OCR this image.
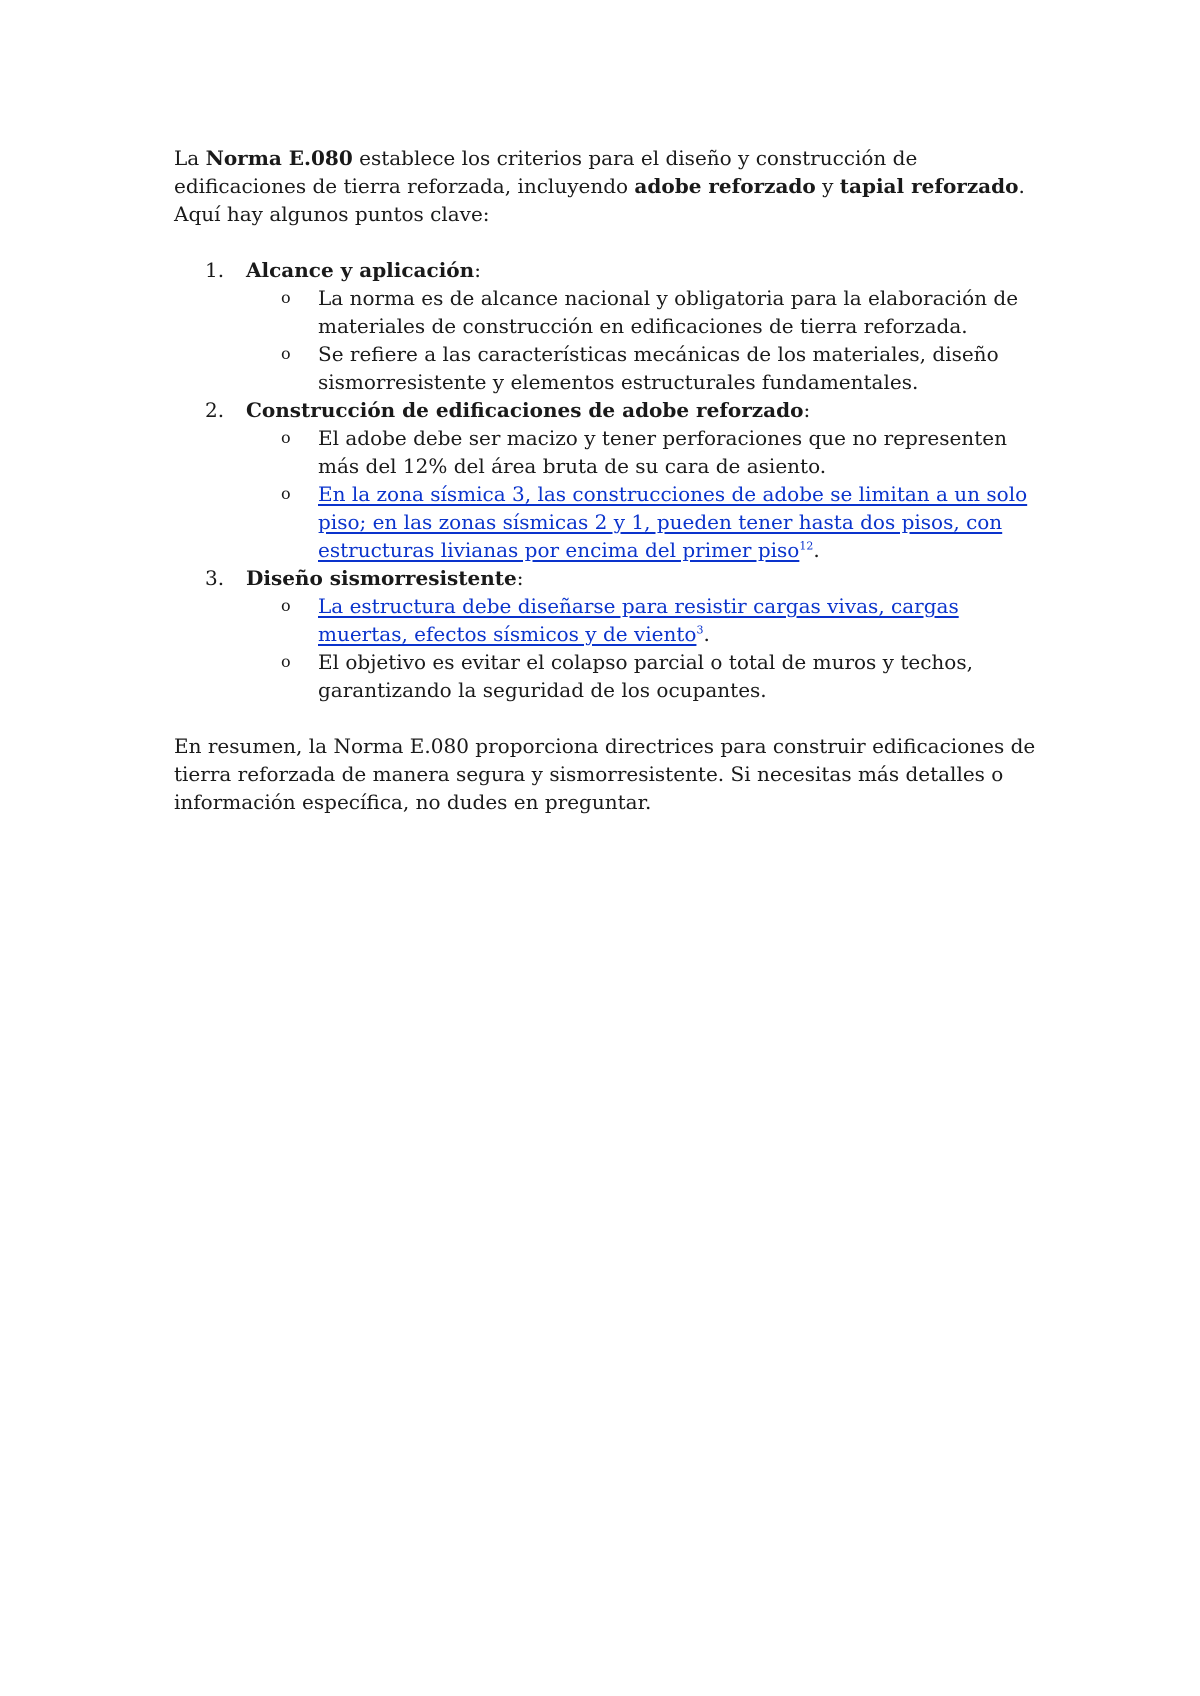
La Norma E.080 establece los criterios para el diseño y construcción de edificaciones de tierra reforzada, incluyendo adobe reforzado y tapial reforzado. Aquí hay algunos puntos clave:

1. Alcance y aplicación:
o La norma es de alcance nacional y obligatoria para la elaboración de materiales de construcción en edificaciones de tierra reforzada.
o Se refiere a las características mecánicas de los materiales, diseño sismorresistente y elementos estructurales fundamentales.
2. Construcción de edificaciones de adobe reforzado:
o El adobe debe ser macizo y tener perforaciones que no representen más del 12% del área bruta de su cara de asiento.
o En la zona sísmica 3, las construcciones de adobe se limitan a un solo piso; en las zonas sísmicas 2 y 1, pueden tener hasta dos pisos, con estructuras livianas por encima del primer piso$^{12}$.
3. Diseño sismorresistente:
o La estructura debe diseñarse para resistir cargas vivas, cargas muertas, efectos sísmicos y de viento$^3$.
o El objetivo es evitar el colapso parcial o total de muros y techos, garantizando la seguridad de los ocupantes.

En resumen, la Norma E.080 proporciona directrices para construir edificaciones de tierra reforzada de manera segura y sismorresistente. Si necesitas más detalles o información específica, no dudes en preguntar.
